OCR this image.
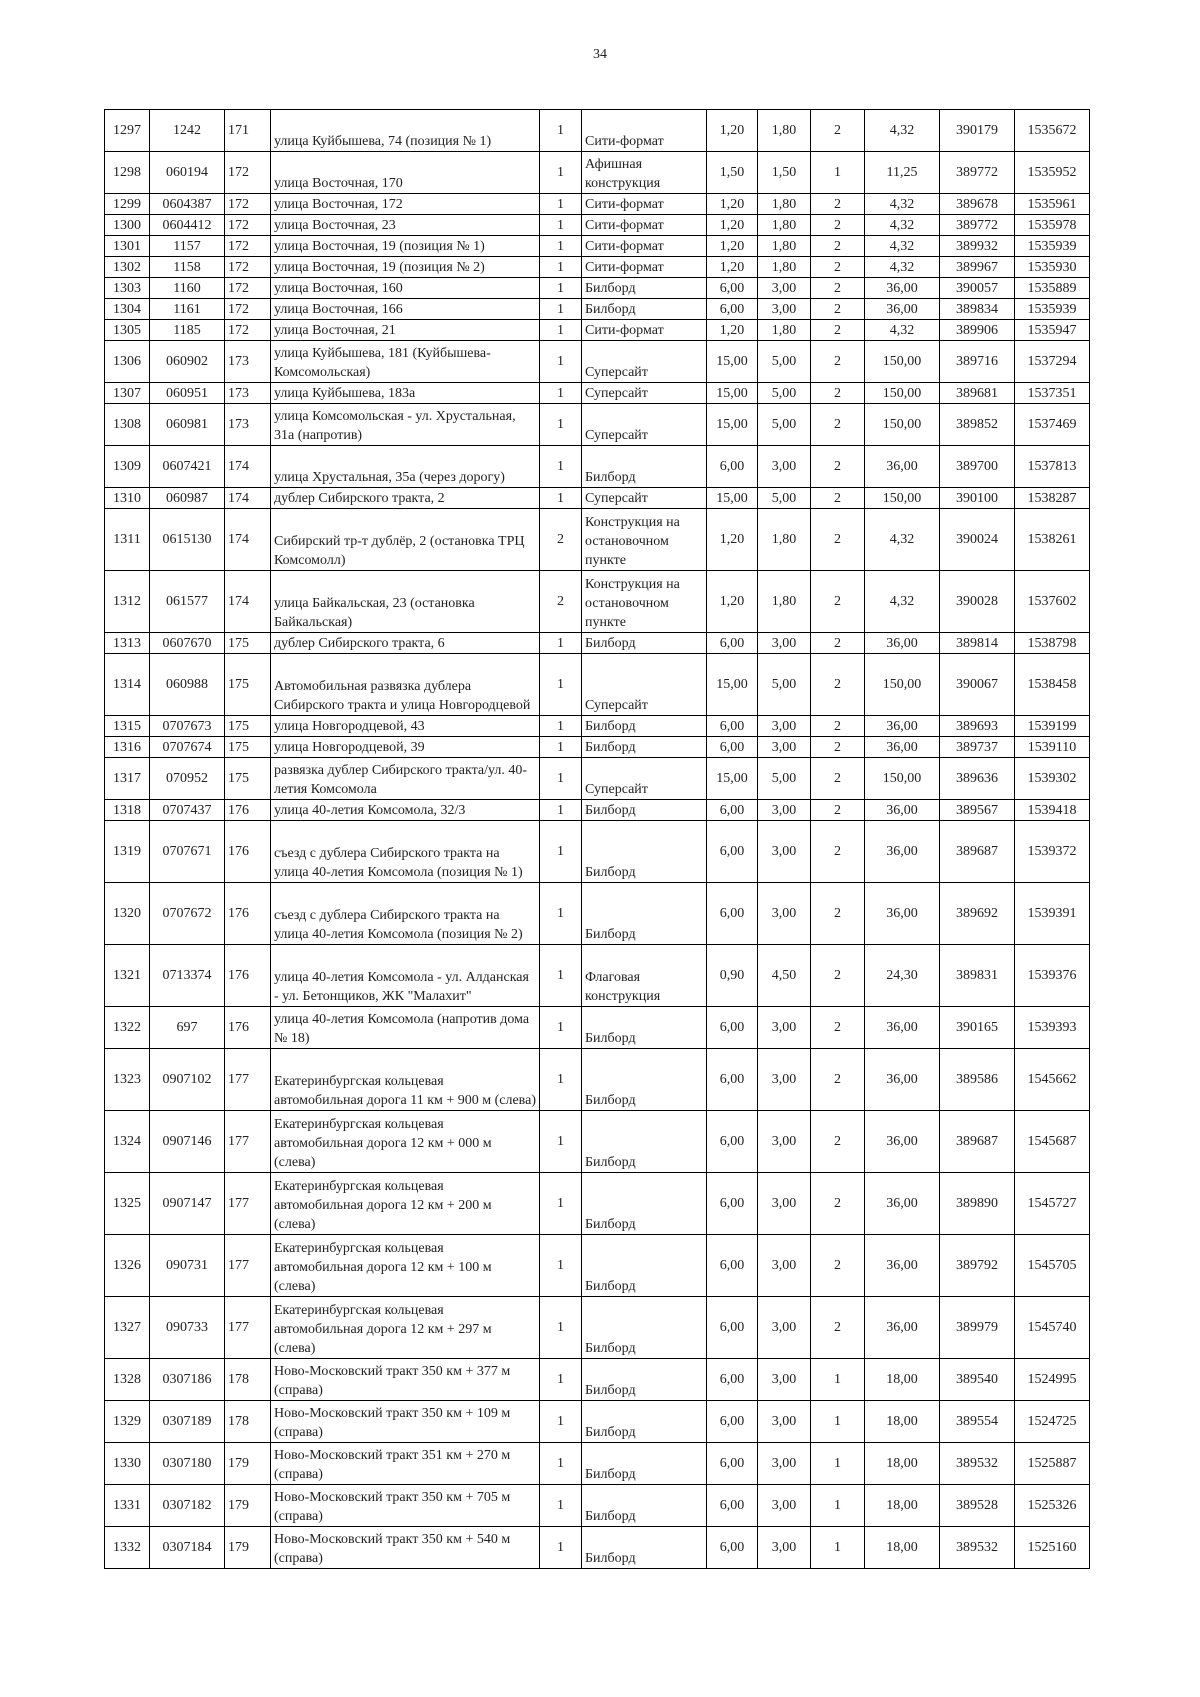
34
1297	1242	171	улица Куйбышева, 74 (позиция № 1)	1	Сити-формат	1,20	1,80	2	4,32	390179	1535672
1298	060194	172	улица Восточная, 170	1	Афишная конструкция	1,50	1,50	1	11,25	389772	1535952
1299	0604387	172	улица Восточная, 172	1	Сити-формат	1,20	1,80	2	4,32	389678	1535961
1300	0604412	172	улица Восточная, 23	1	Сити-формат	1,20	1,80	2	4,32	389772	1535978
1301	1157	172	улица Восточная, 19 (позиция № 1)	1	Сити-формат	1,20	1,80	2	4,32	389932	1535939
1302	1158	172	улица Восточная, 19 (позиция № 2)	1	Сити-формат	1,20	1,80	2	4,32	389967	1535930
1303	1160	172	улица Восточная, 160	1	Билборд	6,00	3,00	2	36,00	390057	1535889
1304	1161	172	улица Восточная, 166	1	Билборд	6,00	3,00	2	36,00	389834	1535939
1305	1185	172	улица Восточная, 21	1	Сити-формат	1,20	1,80	2	4,32	389906	1535947
1306	060902	173	улица Куйбышева, 181 (Куйбышева-Комсомольская)	1	Суперсайт	15,00	5,00	2	150,00	389716	1537294
1307	060951	173	улица Куйбышева, 183а	1	Суперсайт	15,00	5,00	2	150,00	389681	1537351
1308	060981	173	улица Комсомольская - ул. Хрустальная, 31а (напротив)	1	Суперсайт	15,00	5,00	2	150,00	389852	1537469
1309	0607421	174	улица Хрустальная, 35а (через дорогу)	1	Билборд	6,00	3,00	2	36,00	389700	1537813
1310	060987	174	дублер Сибирского тракта, 2	1	Суперсайт	15,00	5,00	2	150,00	390100	1538287
1311	0615130	174	Сибирский тр-т дублёр, 2 (остановка ТРЦ Комсомолл)	2	Конструкция на остановочном пункте	1,20	1,80	2	4,32	390024	1538261
1312	061577	174	улица Байкальская, 23 (остановка Байкальская)	2	Конструкция на остановочном пункте	1,20	1,80	2	4,32	390028	1537602
1313	0607670	175	дублер Сибирского тракта, 6	1	Билборд	6,00	3,00	2	36,00	389814	1538798
1314	060988	175	Автомобильная развязка дублера Сибирского тракта и улица Новгородцевой	1	Суперсайт	15,00	5,00	2	150,00	390067	1538458
1315	0707673	175	улица Новгородцевой, 43	1	Билборд	6,00	3,00	2	36,00	389693	1539199
1316	0707674	175	улица Новгородцевой, 39	1	Билборд	6,00	3,00	2	36,00	389737	1539110
1317	070952	175	развязка дублер Сибирского тракта/ул. 40-летия Комсомола	1	Суперсайт	15,00	5,00	2	150,00	389636	1539302
1318	0707437	176	улица 40-летия Комсомола, 32/3	1	Билборд	6,00	3,00	2	36,00	389567	1539418
1319	0707671	176	съезд с дублера Сибирского тракта на улица 40-летия Комсомола (позиция № 1)	1	Билборд	6,00	3,00	2	36,00	389687	1539372
1320	0707672	176	съезд с дублера Сибирского тракта на улица 40-летия Комсомола (позиция № 2)	1	Билборд	6,00	3,00	2	36,00	389692	1539391
1321	0713374	176	улица 40-летия Комсомола - ул. Алданская - ул. Бетонщиков, ЖК "Малахит"	1	Флаговая конструкция	0,90	4,50	2	24,30	389831	1539376
1322	697	176	улица 40-летия Комсомола (напротив дома № 18)	1	Билборд	6,00	3,00	2	36,00	390165	1539393
1323	0907102	177	Екатеринбургская кольцевая автомобильная дорога 11 км + 900 м (слева)	1	Билборд	6,00	3,00	2	36,00	389586	1545662
1324	0907146	177	Екатеринбургская кольцевая автомобильная дорога 12 км + 000 м (слева)	1	Билборд	6,00	3,00	2	36,00	389687	1545687
1325	0907147	177	Екатеринбургская кольцевая автомобильная дорога 12 км + 200 м (слева)	1	Билборд	6,00	3,00	2	36,00	389890	1545727
1326	090731	177	Екатеринбургская кольцевая автомобильная дорога 12 км + 100 м (слева)	1	Билборд	6,00	3,00	2	36,00	389792	1545705
1327	090733	177	Екатеринбургская кольцевая автомобильная дорога 12 км + 297 м (слева)	1	Билборд	6,00	3,00	2	36,00	389979	1545740
1328	0307186	178	Ново-Московский тракт 350 км + 377 м (справа)	1	Билборд	6,00	3,00	1	18,00	389540	1524995
1329	0307189	178	Ново-Московский тракт 350 км + 109 м (справа)	1	Билборд	6,00	3,00	1	18,00	389554	1524725
1330	0307180	179	Ново-Московский тракт 351 км + 270 м (справа)	1	Билборд	6,00	3,00	1	18,00	389532	1525887
1331	0307182	179	Ново-Московский тракт 350 км + 705 м (справа)	1	Билборд	6,00	3,00	1	18,00	389528	1525326
1332	0307184	179	Ново-Московский тракт 350 км + 540 м (справа)	1	Билборд	6,00	3,00	1	18,00	389532	1525160
